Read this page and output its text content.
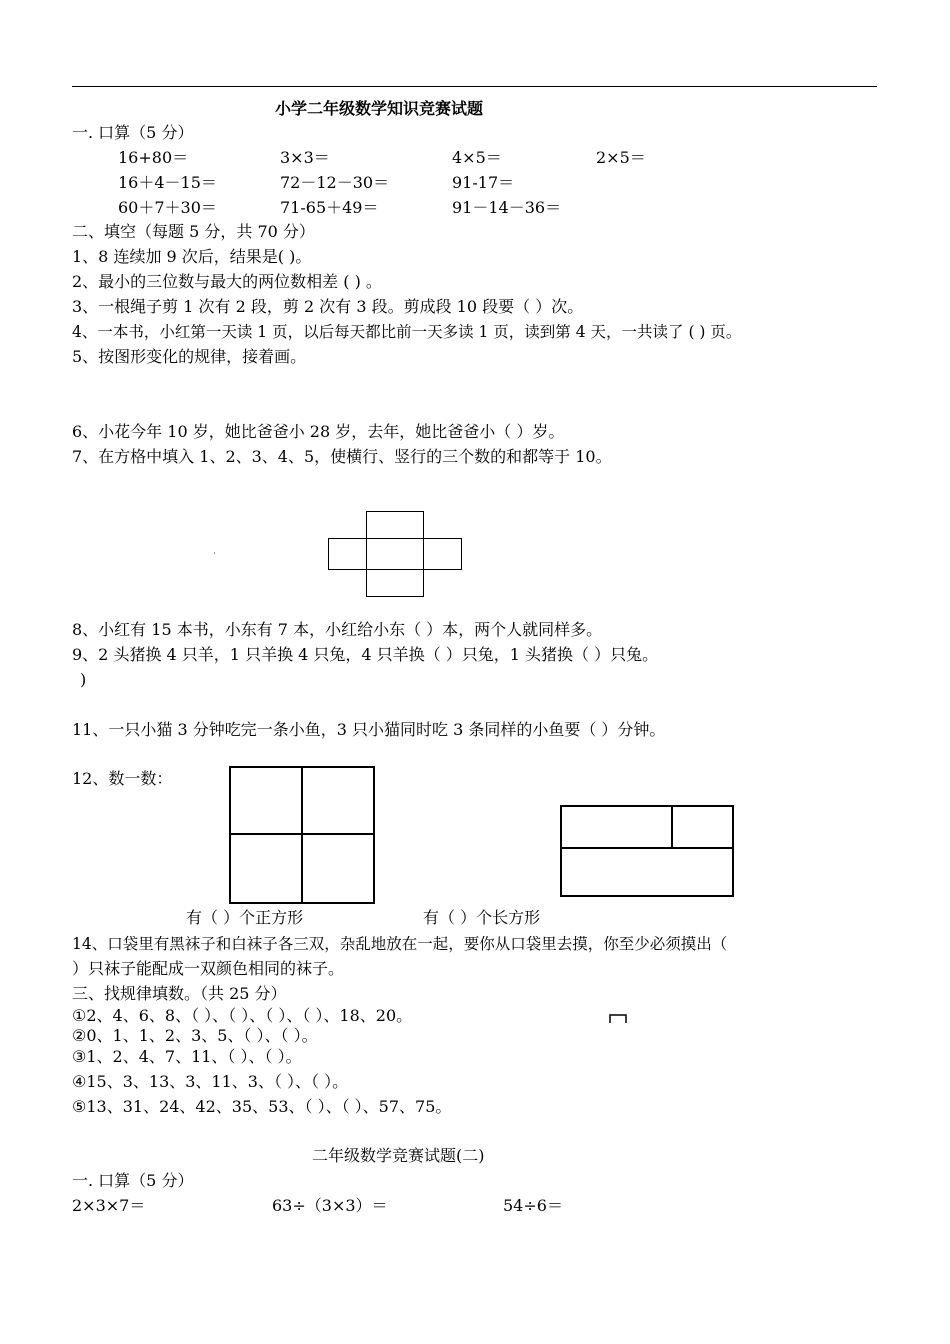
小学二年级数学知识竞赛试题
一. 口算（5 分）
16+80＝	3×3＝	4×5＝	2×5＝
16＋4－15＝	72－12－30＝	91-17＝
60＋7＋30＝	71-65＋49＝	91－14－36＝
二、填空（每题 5 分，共 70 分）
1、8 连续加 9 次后，结果是( )。
2、最小的三位数与最大的两位数相差 ( ) 。
3、一根绳子剪 1 次有 2 段，剪 2 次有 3 段。剪成段 10 段要（ ）次。
4、一本书，小红第一天读 1 页，以后每天都比前一天多读 1 页，读到第 4 天，一共读了 ( ) 页。
5、按图形变化的规律，接着画。
6、小花今年 10 岁，她比爸爸小 28 岁，去年，她比爸爸小（ ）岁。
7、在方格中填入 1、2、3、4、5，使横行、竖行的三个数的和都等于 10。
8、小红有 15 本书，小东有 7 本，小红给小东（ ）本，两个人就同样多。
9、2 头猪换 4 只羊，1 只羊换 4 只兔，4 只羊换（ ）只兔，1 头猪换（ ）只兔。
)
11、一只小猫 3 分钟吃完一条小鱼，3 只小猫同时吃 3 条同样的小鱼要（ ）分钟。
12、数一数：
有（ ）个正方形	有（ ）个长方形
14、口袋里有黑袜子和白袜子各三双，杂乱地放在一起，要你从口袋里去摸，你至少必须摸出（
）只袜子能配成一双颜色相同的袜子。
三、找规律填数。（共 25 分）
①2、4、6、8、（ ）、（ ）、（ ）、（ ）、18、20。
②0、1、1、2、3、5、（ ）、（ ）。
③1、2、4、7、11、（ ）、（ ）。
④15、3、13、3、11、3、（ ）、（ ）。
⑤13、31、24、42、35、53、（ ）、（ ）、57、75。
二年级数学竞赛试题(二)
一. 口算（5 分）
2×3×7＝	63÷（3×3）＝	54÷6＝
